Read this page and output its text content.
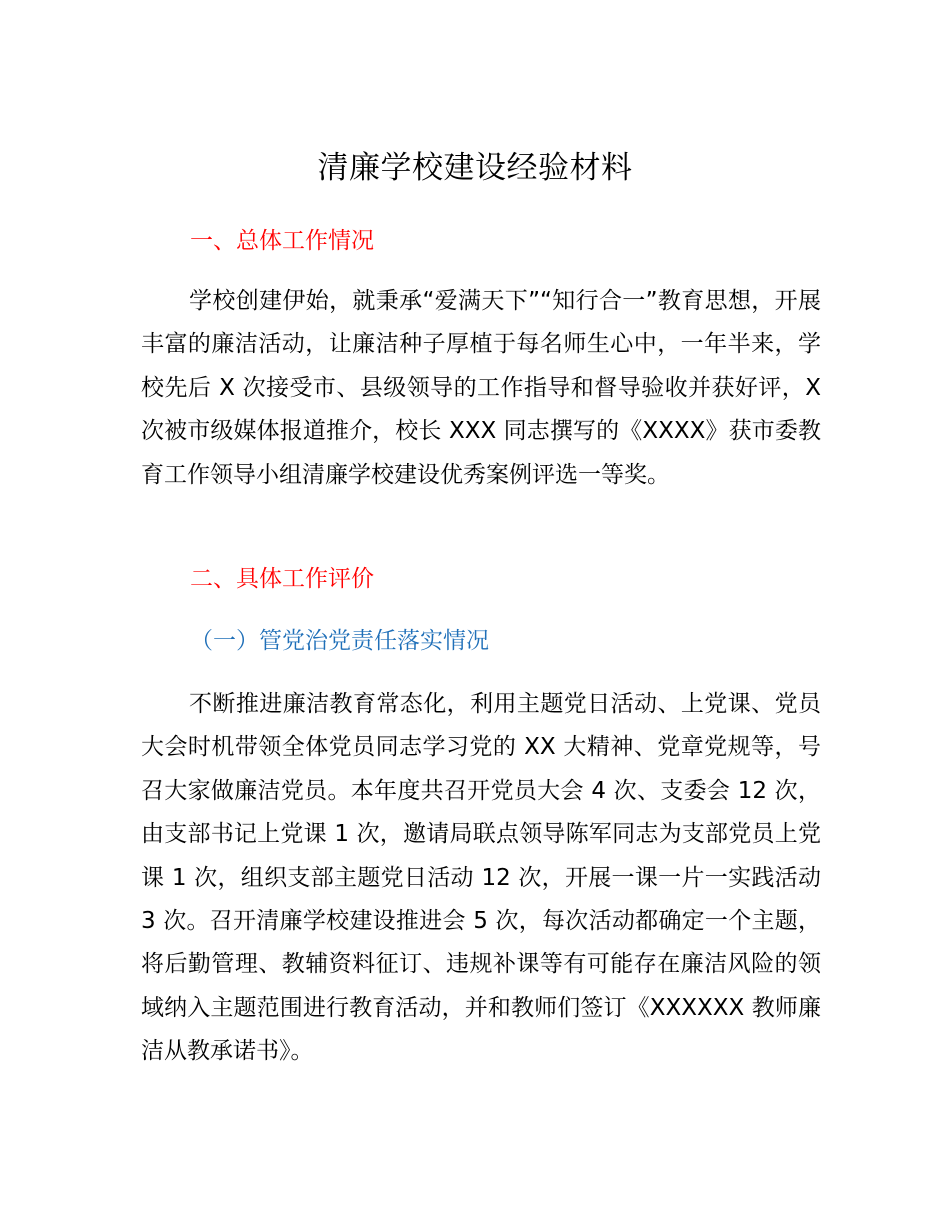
清廉学校建设经验材料
一、总体工作情况

学校创建伊始，就秉承“爱满天下”“知行合一”教育思想，开展丰富的廉洁活动，让廉洁种子厚植于每名师生心中，一年半来，学校先后 X 次接受市、县级领导的工作指导和督导验收并获好评，X 次被市级媒体报道推介，校长 XXX 同志撰写的《XXXX》获市委教育工作领导小组清廉学校建设优秀案例评选一等奖。

二、具体工作评价
（一）管党治党责任落实情况

不断推进廉洁教育常态化，利用主题党日活动、上党课、党员大会时机带领全体党员同志学习党的 XX 大精神、党章党规等，号召大家做廉洁党员。本年度共召开党员大会 4 次、支委会 12 次，由支部书记上党课 1 次，邀请局联点领导陈军同志为支部党员上党课 1 次，组织支部主题党日活动 12 次，开展一课一片一实践活动 3 次。召开清廉学校建设推进会 5 次，每次活动都确定一个主题，将后勤管理、教辅资料征订、违规补课等有可能存在廉洁风险的领域纳入主题范围进行教育活动，并和教师们签订《XXXXXX 教师廉洁从教承诺书》。
